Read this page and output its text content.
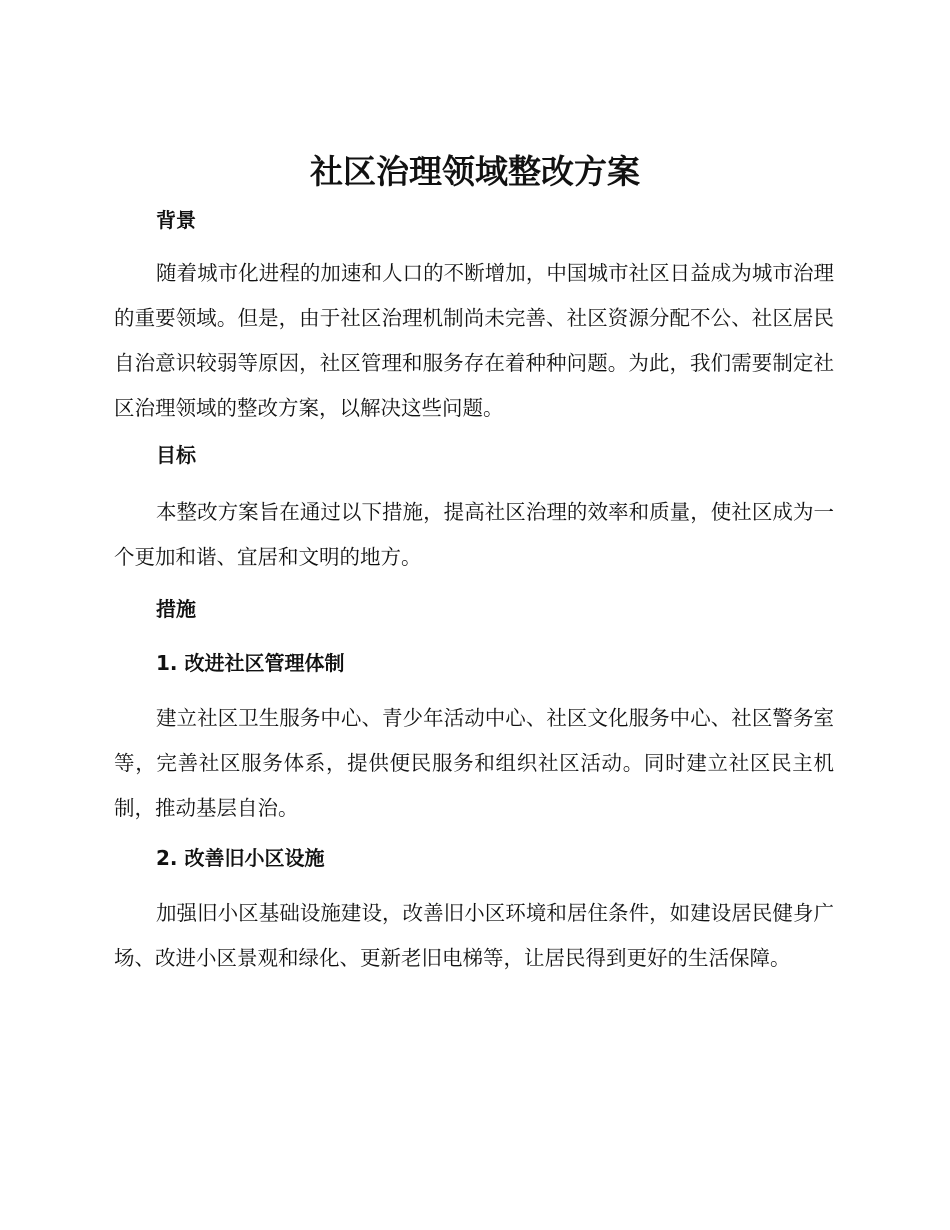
社区治理领域整改方案
背景

随着城市化进程的加速和人口的不断增加，中国城市社区日益成为城市治理的重要领域。但是，由于社区治理机制尚未完善、社区资源分配不公、社区居民自治意识较弱等原因，社区管理和服务存在着种种问题。为此，我们需要制定社区治理领域的整改方案，以解决这些问题。

目标

本整改方案旨在通过以下措施，提高社区治理的效率和质量，使社区成为一个更加和谐、宜居和文明的地方。

措施
1. 改进社区管理体制

建立社区卫生服务中心、青少年活动中心、社区文化服务中心、社区警务室等，完善社区服务体系，提供便民服务和组织社区活动。同时建立社区民主机制，推动基层自治。

2. 改善旧小区设施

加强旧小区基础设施建设，改善旧小区环境和居住条件，如建设居民健身广场、改进小区景观和绿化、更新老旧电梯等，让居民得到更好的生活保障。
